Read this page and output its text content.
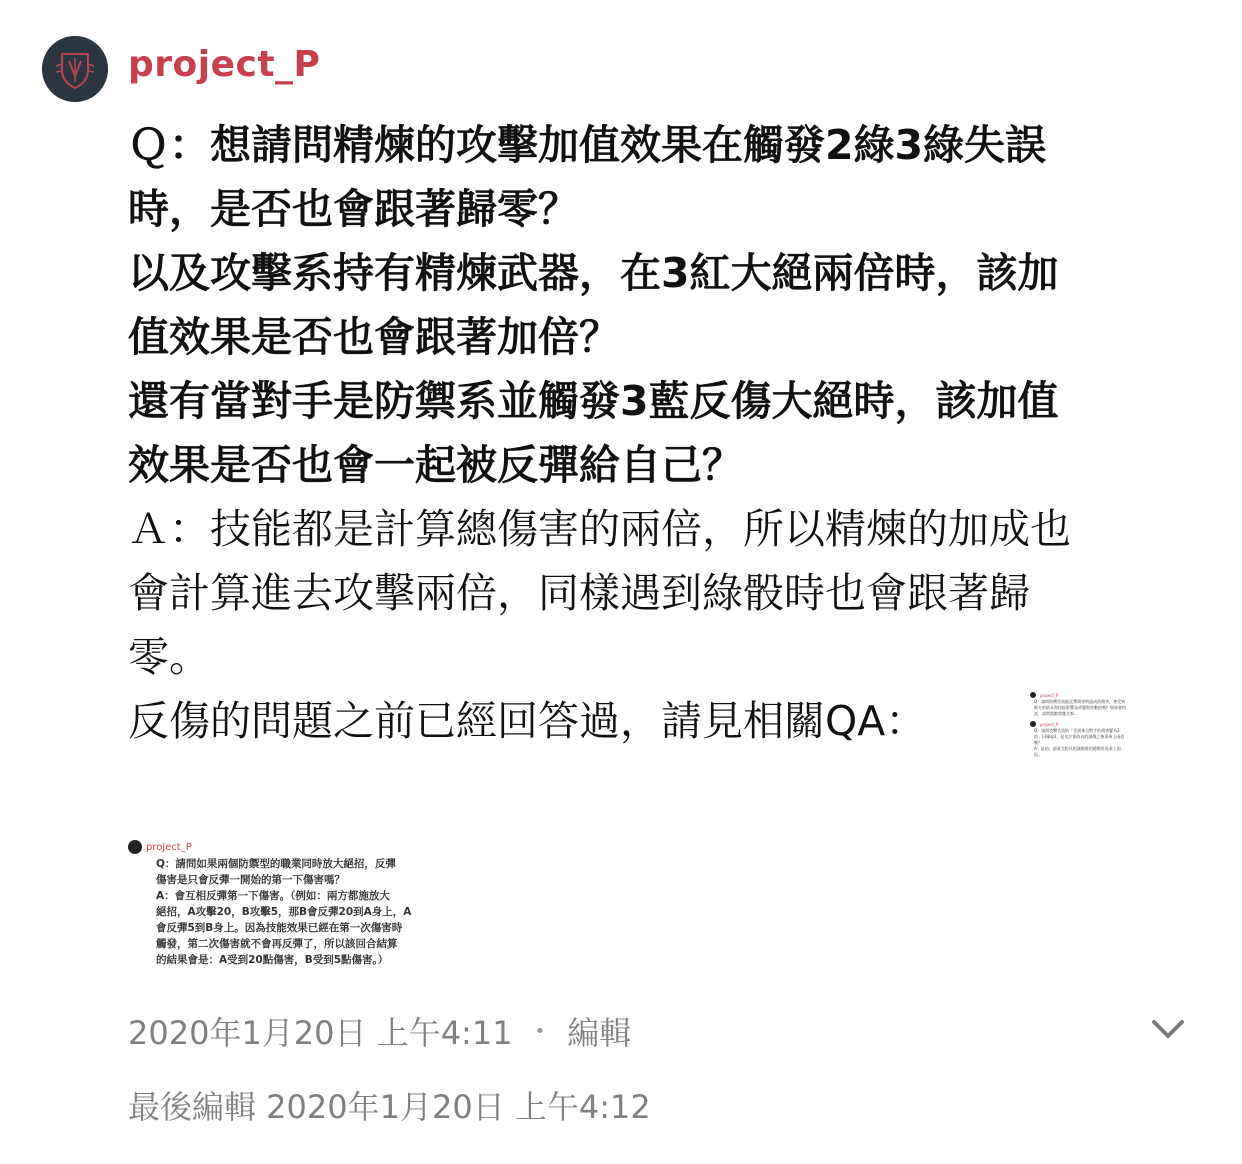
project_P

Ｑ：想請問精煉的攻擊加值效果在觸發2綠3綠失誤

時，是否也會跟著歸零？

以及攻擊系持有精煉武器，在3紅大絕兩倍時，該加

值效果是否也會跟著加倍？

還有當對手是防禦系並觸發3藍反傷大絕時，該加值

效果是否也會一起被反彈給自己？

Ａ：技能都是計算總傷害的兩倍，所以精煉的加成也

會計算進去攻擊兩倍，同樣遇到綠骰時也會跟著歸

零。

反傷的問題之前已經回答過，請見相關QA：

project_P
Q：請問防禦型技能反彈傷害時造成的傷害，會受到
敵方的防具和技能影響並改變傷害數值嗎？如果會的
話，請問當敵我雙方都...
project_P
Q：請問攻擊失誤的「受到來自對手的傷害變為2
倍」(3綠sp)，是先計算防具的減傷之後再乘上兩倍
嗎？
A：是的，請看完防具的減傷後的總傷害再乘上兩
倍。
project_P
Q：請問如果兩個防禦型的職業同時放大絕招，反彈
傷害是只會反彈一開始的第一下傷害嗎？
A：會互相反彈第一下傷害。（例如：兩方都施放大
絕招，A攻擊20，B攻擊5，那B會反彈20到A身上，A
會反彈5到B身上。因為技能效果已經在第一次傷害時
觸發，第二次傷害就不會再反彈了，所以該回合結算
的結果會是：A受到20點傷害，B受到5點傷害。）
2020年1月20日 上午4:11 • 編輯
最後編輯 2020年1月20日 上午4:12
